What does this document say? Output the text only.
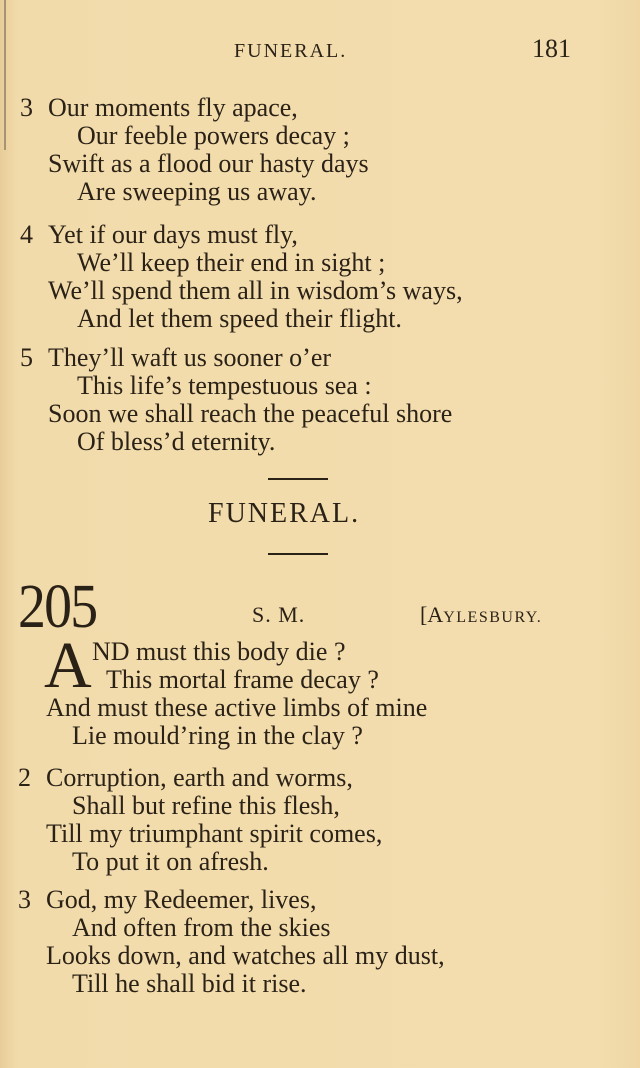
FUNERAL.	181
3 Our moments fly apace,
Our feeble powers decay ;
Swift as a flood our hasty days
Are sweeping us away.
4 Yet if our days must fly,
We’ll keep their end in sight ;
We’ll spend them all in wisdom’s ways,
And let them speed their flight.
5 They’ll waft us sooner o’er
This life’s tempestuous sea :
Soon we shall reach the peaceful shore
Of bless’d eternity.
FUNERAL.
205	S. M.	[AYLESBURY.
A ND must this body die ?
This mortal frame decay ?
And must these active limbs of mine
Lie mould’ring in the clay ?
2 Corruption, earth and worms,
Shall but refine this flesh,
Till my triumphant spirit comes,
To put it on afresh.
3 God, my Redeemer, lives,
And often from the skies
Looks down, and watches all my dust,
Till he shall bid it rise.
